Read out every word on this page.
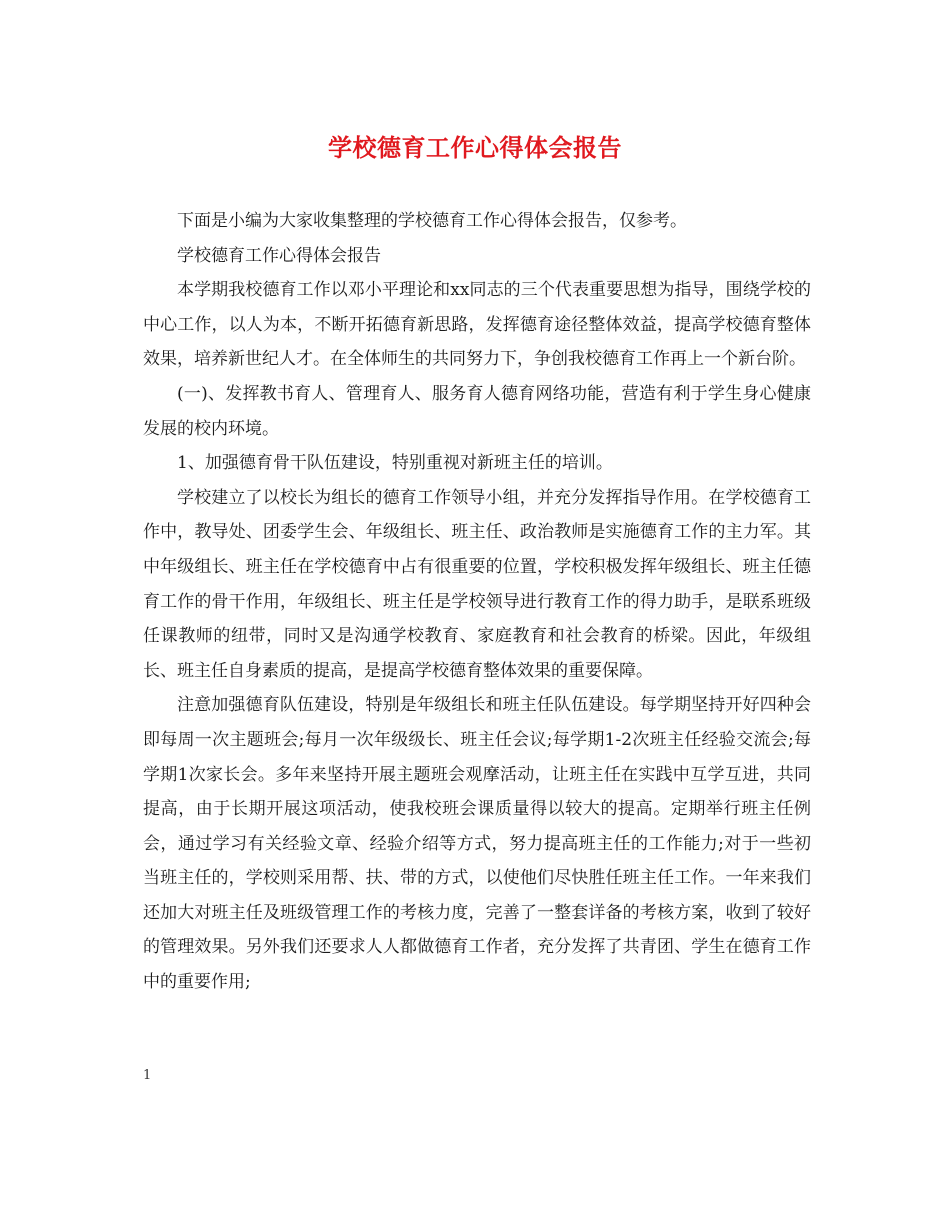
学校德育工作心得体会报告

下面是小编为大家收集整理的学校德育工作心得体会报告，仅参考。

学校德育工作心得体会报告

本学期我校德育工作以邓小平理论和xx同志的三个代表重要思想为指导，围绕学校的中心工作，以人为本，不断开拓德育新思路，发挥德育途径整体效益，提高学校德育整体效果，培养新世纪人才。在全体师生的共同努力下，争创我校德育工作再上一个新台阶。

(一)、发挥教书育人、管理育人、服务育人德育网络功能，营造有利于学生身心健康发展的校内环境。

1、加强德育骨干队伍建设，特别重视对新班主任的培训。

学校建立了以校长为组长的德育工作领导小组，并充分发挥指导作用。在学校德育工作中，教导处、团委学生会、年级组长、班主任、政治教师是实施德育工作的主力军。其中年级组长、班主任在学校德育中占有很重要的位置，学校积极发挥年级组长、班主任德育工作的骨干作用，年级组长、班主任是学校领导进行教育工作的得力助手，是联系班级任课教师的纽带，同时又是沟通学校教育、家庭教育和社会教育的桥梁。因此，年级组长、班主任自身素质的提高，是提高学校德育整体效果的重要保障。

注意加强德育队伍建设，特别是年级组长和班主任队伍建设。每学期坚持开好四种会即每周一次主题班会;每月一次年级级长、班主任会议;每学期1-2次班主任经验交流会;每学期1次家长会。多年来坚持开展主题班会观摩活动，让班主任在实践中互学互进，共同提高，由于长期开展这项活动，使我校班会课质量得以较大的提高。定期举行班主任例会，通过学习有关经验文章、经验介绍等方式，努力提高班主任的工作能力;对于一些初当班主任的，学校则采用帮、扶、带的方式，以使他们尽快胜任班主任工作。一年来我们还加大对班主任及班级管理工作的考核力度，完善了一整套详备的考核方案，收到了较好的管理效果。另外我们还要求人人都做德育工作者，充分发挥了共青团、学生在德育工作中的重要作用;

1
